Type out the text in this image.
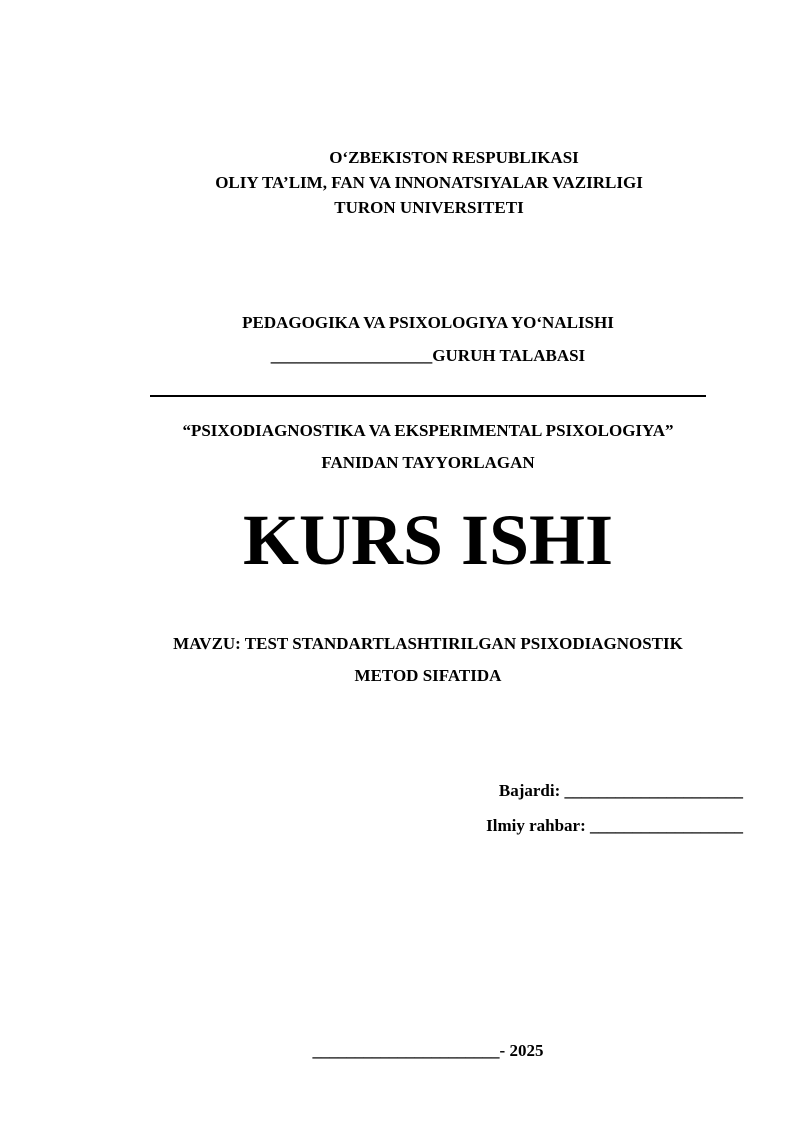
O‘ZBEKISTON RESPUBLIKASI
OLIY TA’LIM, FAN VA INNONATSIYALAR VAZIRLIGI
TURON UNIVERSITETI
PEDAGOGIKA VA PSIXOLOGIYA YO‘NALISHI
___________________GURUH TALABASI
“PSIXODIAGNOSTIKA VA EKSPERIMENTAL PSIXOLOGIYA”
FANIDAN TAYYORLAGAN
KURS ISHI
MAVZU: TEST STANDARTLASHTIRILGAN PSIXODIAGNOSTIK
METOD SIFATIDA
Bajardi: _____________________
Ilmiy rahbar: __________________
______________________- 2025
